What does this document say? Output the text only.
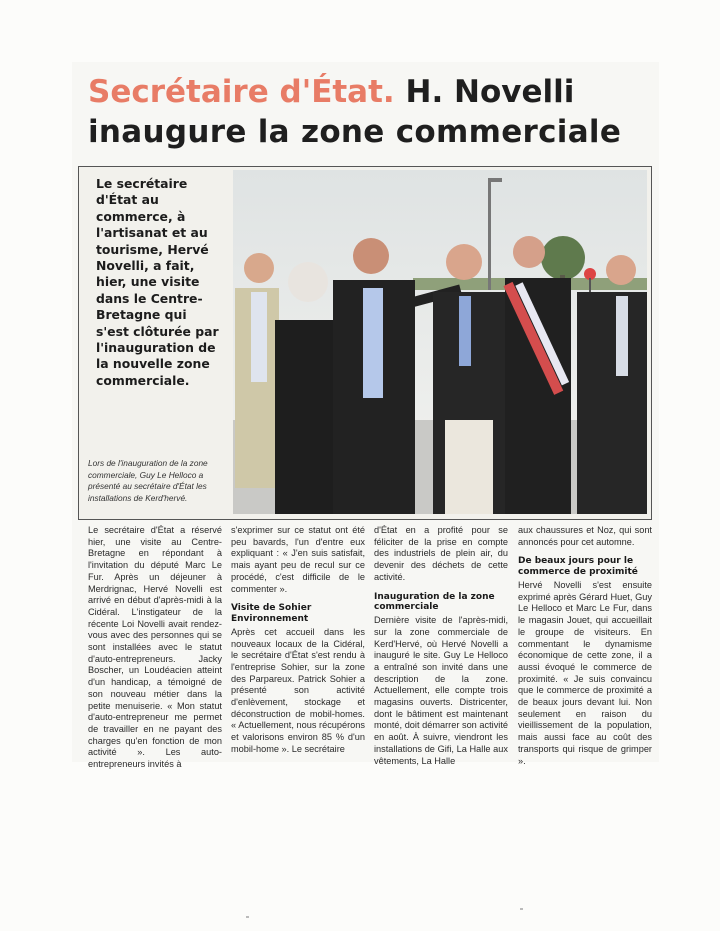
Secrétaire d'État. H. Novelli
inaugure la zone commerciale

Le secrétaire d'État au commerce, à l'artisanat et au tourisme, Hervé Novelli, a fait, hier, une visite dans le Centre-Bretagne qui s'est clôturée par l'inauguration de la nouvelle zone commerciale.

Lors de l'inauguration de la zone commerciale, Guy Le Helloco a présenté au secrétaire d'État les installations de Kerd'hervé.

Le secrétaire d'État a réservé hier, une visite au Centre-Bretagne en répondant à l'invitation du député Marc Le Fur. Après un déjeuner à Merdrignac, Hervé Novelli est arrivé en début d'après-midi à la Cidéral. L'instigateur de la récente Loi Novelli avait rendez-vous avec des personnes qui se sont installées avec le statut d'auto-entrepreneurs. Jacky Boscher, un Loudéacien atteint d'un handicap, a témoigné de son nouveau métier dans la petite menuiserie. « Mon statut d'auto-entrepreneur me permet de travailler en ne payant des charges qu'en fonction de mon activité ». Les auto-entrepreneurs invités à

s'exprimer sur ce statut ont été peu bavards, l'un d'entre eux expliquant : « J'en suis satisfait, mais ayant peu de recul sur ce procédé, c'est difficile de le commenter ».

Visite de Sohier Environnement

Après cet accueil dans les nouveaux locaux de la Cidéral, le secrétaire d'État s'est rendu à l'entreprise Sohier, sur la zone des Parpareux. Patrick Sohier a présenté son activité d'enlèvement, stockage et déconstruction de mobil-homes. « Actuellement, nous récupérons et valorisons environ 85 % d'un mobil-home ». Le secrétaire

d'État en a profité pour se féliciter de la prise en compte des industriels de plein air, du devenir des déchets de cette activité.

Inauguration de la zone commerciale

Dernière visite de l'après-midi, sur la zone commerciale de Kerd'Hervé, où Hervé Novelli a inauguré le site. Guy Le Helloco a entraîné son invité dans une description de la zone. Actuellement, elle compte trois magasins ouverts. Districenter, dont le bâtiment est maintenant monté, doit démarrer son activité en août. À suivre, viendront les installations de Gifi, La Halle aux vêtements, La Halle

aux chaussures et Noz, qui sont annoncés pour cet automne.

De beaux jours pour le commerce de proximité

Hervé Novelli s'est ensuite exprimé après Gérard Huet, Guy Le Helloco et Marc Le Fur, dans le magasin Jouet, qui accueillait le groupe de visiteurs. En commentant le dynamisme économique de cette zone, il a aussi évoqué le commerce de proximité. « Je suis convaincu que le commerce de proximité a de beaux jours devant lui. Non seulement en raison du vieillissement de la population, mais aussi face au coût des transports qui risque de grimper ».
